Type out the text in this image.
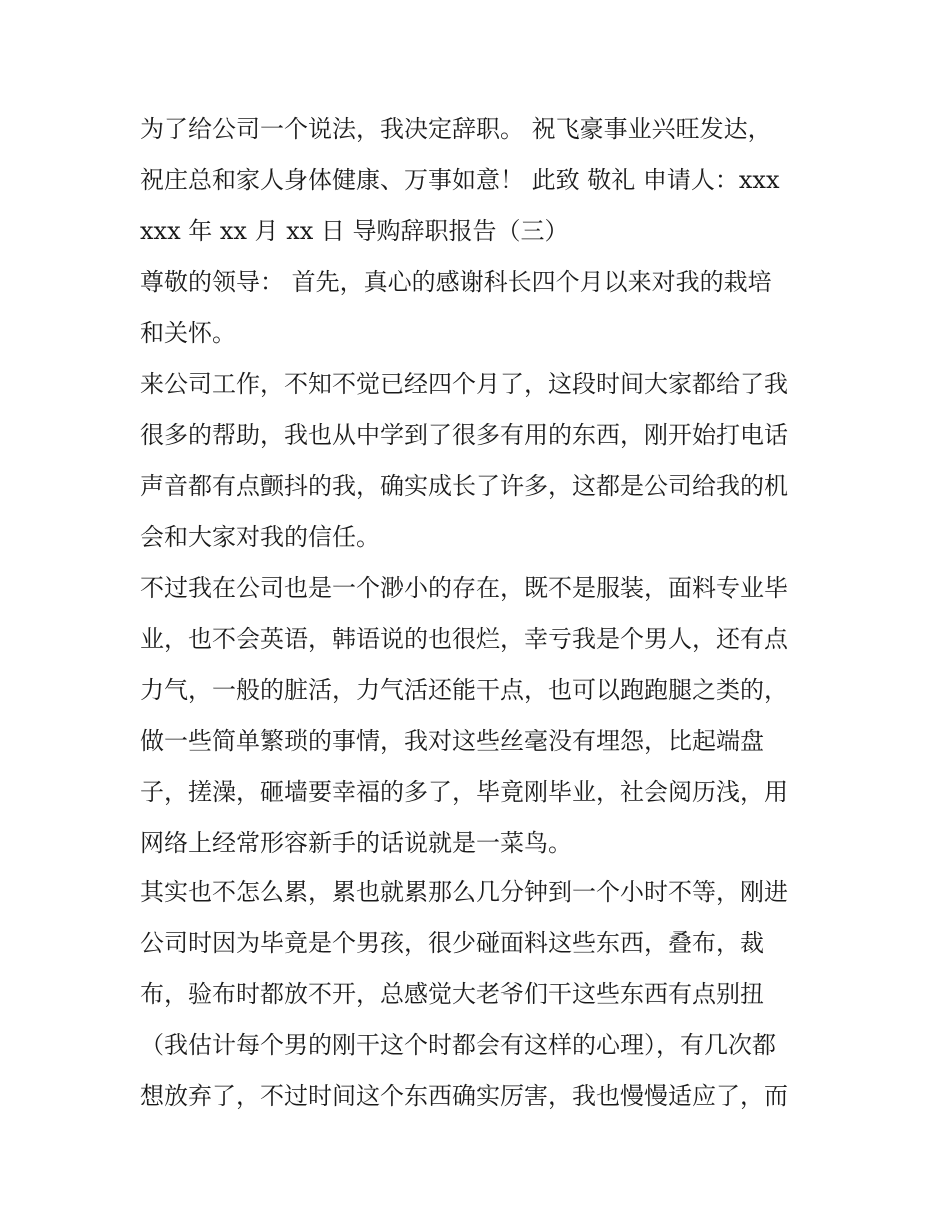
为了给公司一个说法，我决定辞职。 祝飞豪事业兴旺发达，

祝庄总和家人身体健康、万事如意！ 此致 敬礼 申请人：xxx

xxx 年 xx 月 xx 日 导购辞职报告（三）

尊敬的领导： 首先，真心的感谢科长四个月以来对我的栽培

和关怀。

来公司工作，不知不觉已经四个月了，这段时间大家都给了我

很多的帮助，我也从中学到了很多有用的东西，刚开始打电话

声音都有点颤抖的我，确实成长了许多，这都是公司给我的机

会和大家对我的信任。

不过我在公司也是一个渺小的存在，既不是服装，面料专业毕

业，也不会英语，韩语说的也很烂，幸亏我是个男人，还有点

力气，一般的脏活，力气活还能干点，也可以跑跑腿之类的，

做一些简单繁琐的事情，我对这些丝毫没有埋怨，比起端盘

子，搓澡，砸墙要幸福的多了，毕竟刚毕业，社会阅历浅，用

网络上经常形容新手的话说就是一菜鸟。

其实也不怎么累，累也就累那么几分钟到一个小时不等，刚进

公司时因为毕竟是个男孩，很少碰面料这些东西，叠布，裁

布，验布时都放不开，总感觉大老爷们干这些东西有点别扭

（我估计每个男的刚干这个时都会有这样的心理），有几次都

想放弃了，不过时间这个东西确实厉害，我也慢慢适应了，而
